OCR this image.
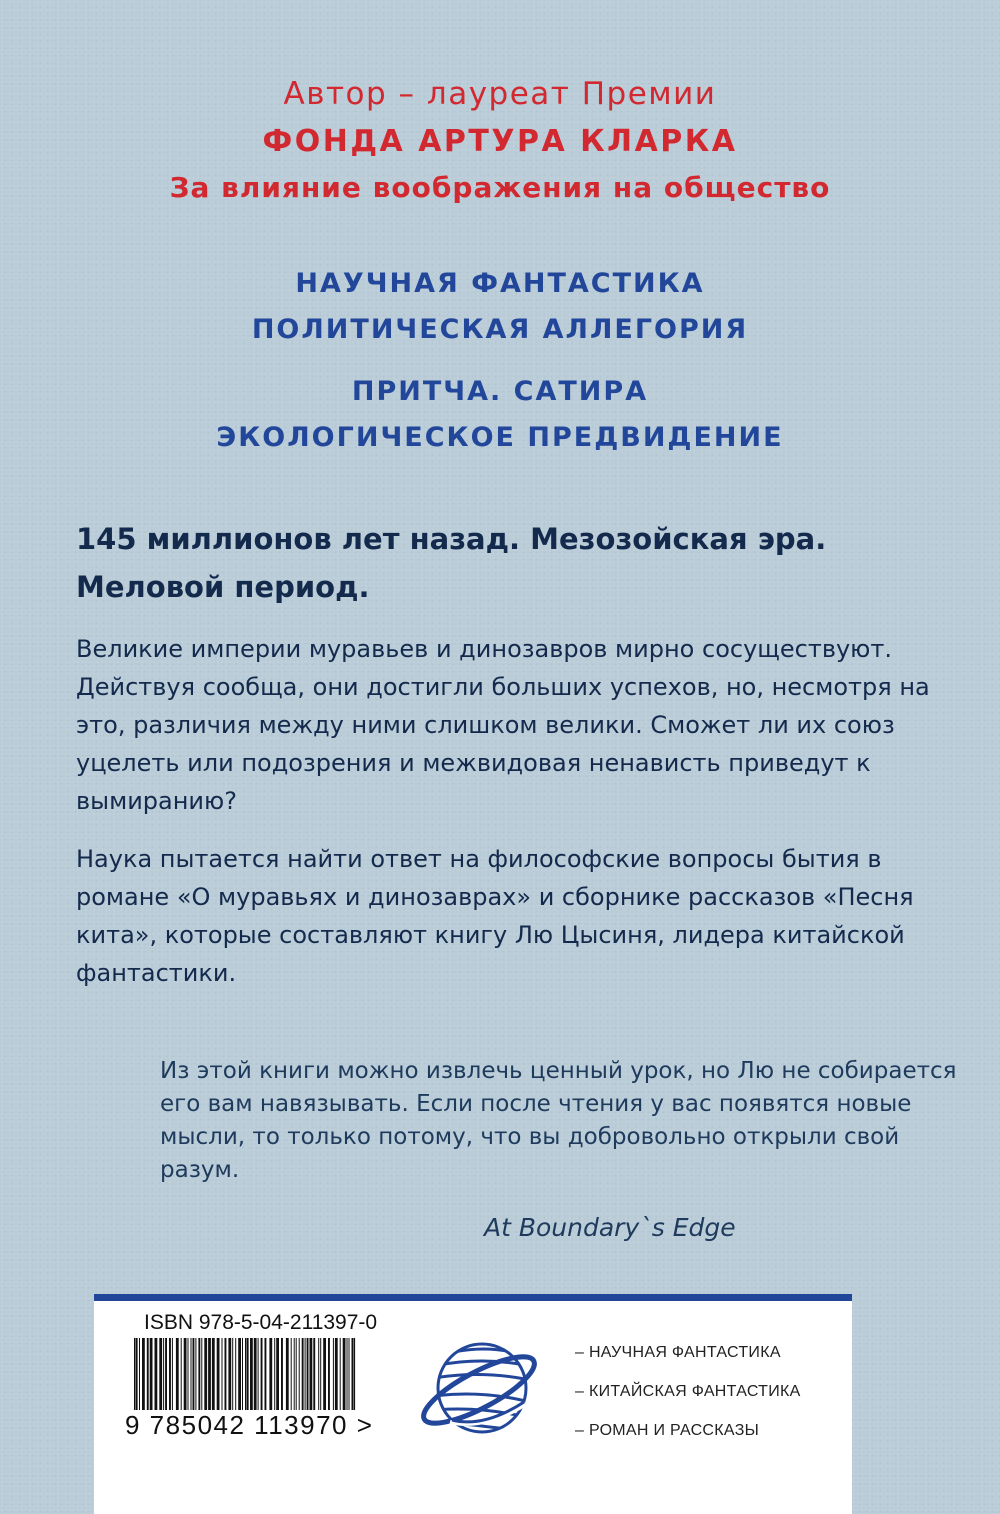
Автор – лауреат Премии
ФОНДА АРТУРА КЛАРКА
За влияние воображения на общество
НАУЧНАЯ ФАНТАСТИКА
ПОЛИТИЧЕСКАЯ АЛЛЕГОРИЯ
ПРИТЧА. САТИРА
ЭКОЛОГИЧЕСКОЕ ПРЕДВИДЕНИЕ
145 миллионов лет назад. Мезозойская эра. Меловой период.
Великие империи муравьев и динозавров мирно сосуществуют. Действуя сообща, они достигли больших успехов, но, несмотря на это, различия между ними слишком велики. Сможет ли их союз уцелеть или подозрения и межвидовая ненависть приведут к вымиранию?
Наука пытается найти ответ на философские вопросы бытия в романе «О муравьях и динозаврах» и сборнике рассказов «Песня кита», которые составляют книгу Лю Цысиня, лидера китайской фантастики.
Из этой книги можно извлечь ценный урок, но Лю не собирается его вам навязывать. Если после чтения у вас появятся новые мысли, то только потому, что вы добровольно открыли свой разум.
At Boundary`s Edge
ISBN 978-5-04-211397-0
9 785042 113970 >
– НАУЧНАЯ ФАНТАСТИКА
– КИТАЙСКАЯ ФАНТАСТИКА
– РОМАН И РАССКАЗЫ
